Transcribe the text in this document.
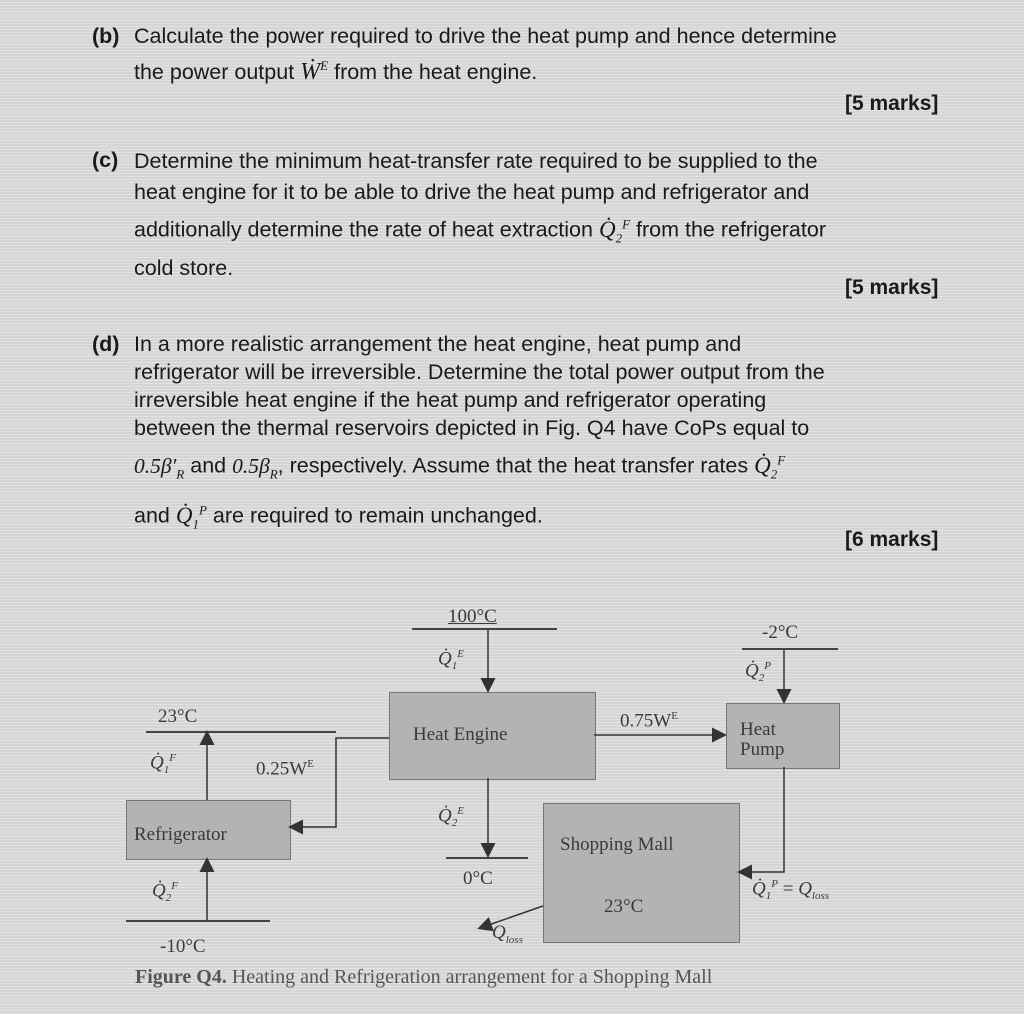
(b) Calculate the power required to drive the heat pump and hence determine
the power output Ẇ$^E$ from the heat engine.
[5 marks]
(c) Determine the minimum heat-transfer rate required to be supplied to the
heat engine for it to be able to drive the heat pump and refrigerator and
additionally determine the rate of heat extraction $Q̇_2^F$ from the refrigerator
cold store.
[5 marks]
(d) In a more realistic arrangement the heat engine, heat pump and
refrigerator will be irreversible. Determine the total power output from the
irreversible heat engine if the heat pump and refrigerator operating
between the thermal reservoirs depicted in Fig. Q4 have CoPs equal to
$0.5\beta'_R$ and $0.5\beta_R$, respectively. Assume that the heat transfer rates $Q̇_2^F$
and $Q̇_1^P$ are required to remain unchanged.
[6 marks]
100°C
-2°C
23°C
0°C
-10°C
Heat Engine	Heat
Pump
Refrigerator	Shopping Mall
23°C
$Q̇_1^E$
$Q̇_2^E$
$Q̇_2^P$
$Q̇_1^F$
$Q̇_2^F$
$0.75W^E$
$0.25W^E$
$Q̇_1^P = Q_{loss}$
$Q_{loss}$
Figure Q4. Heating and Refrigeration arrangement for a Shopping Mall
